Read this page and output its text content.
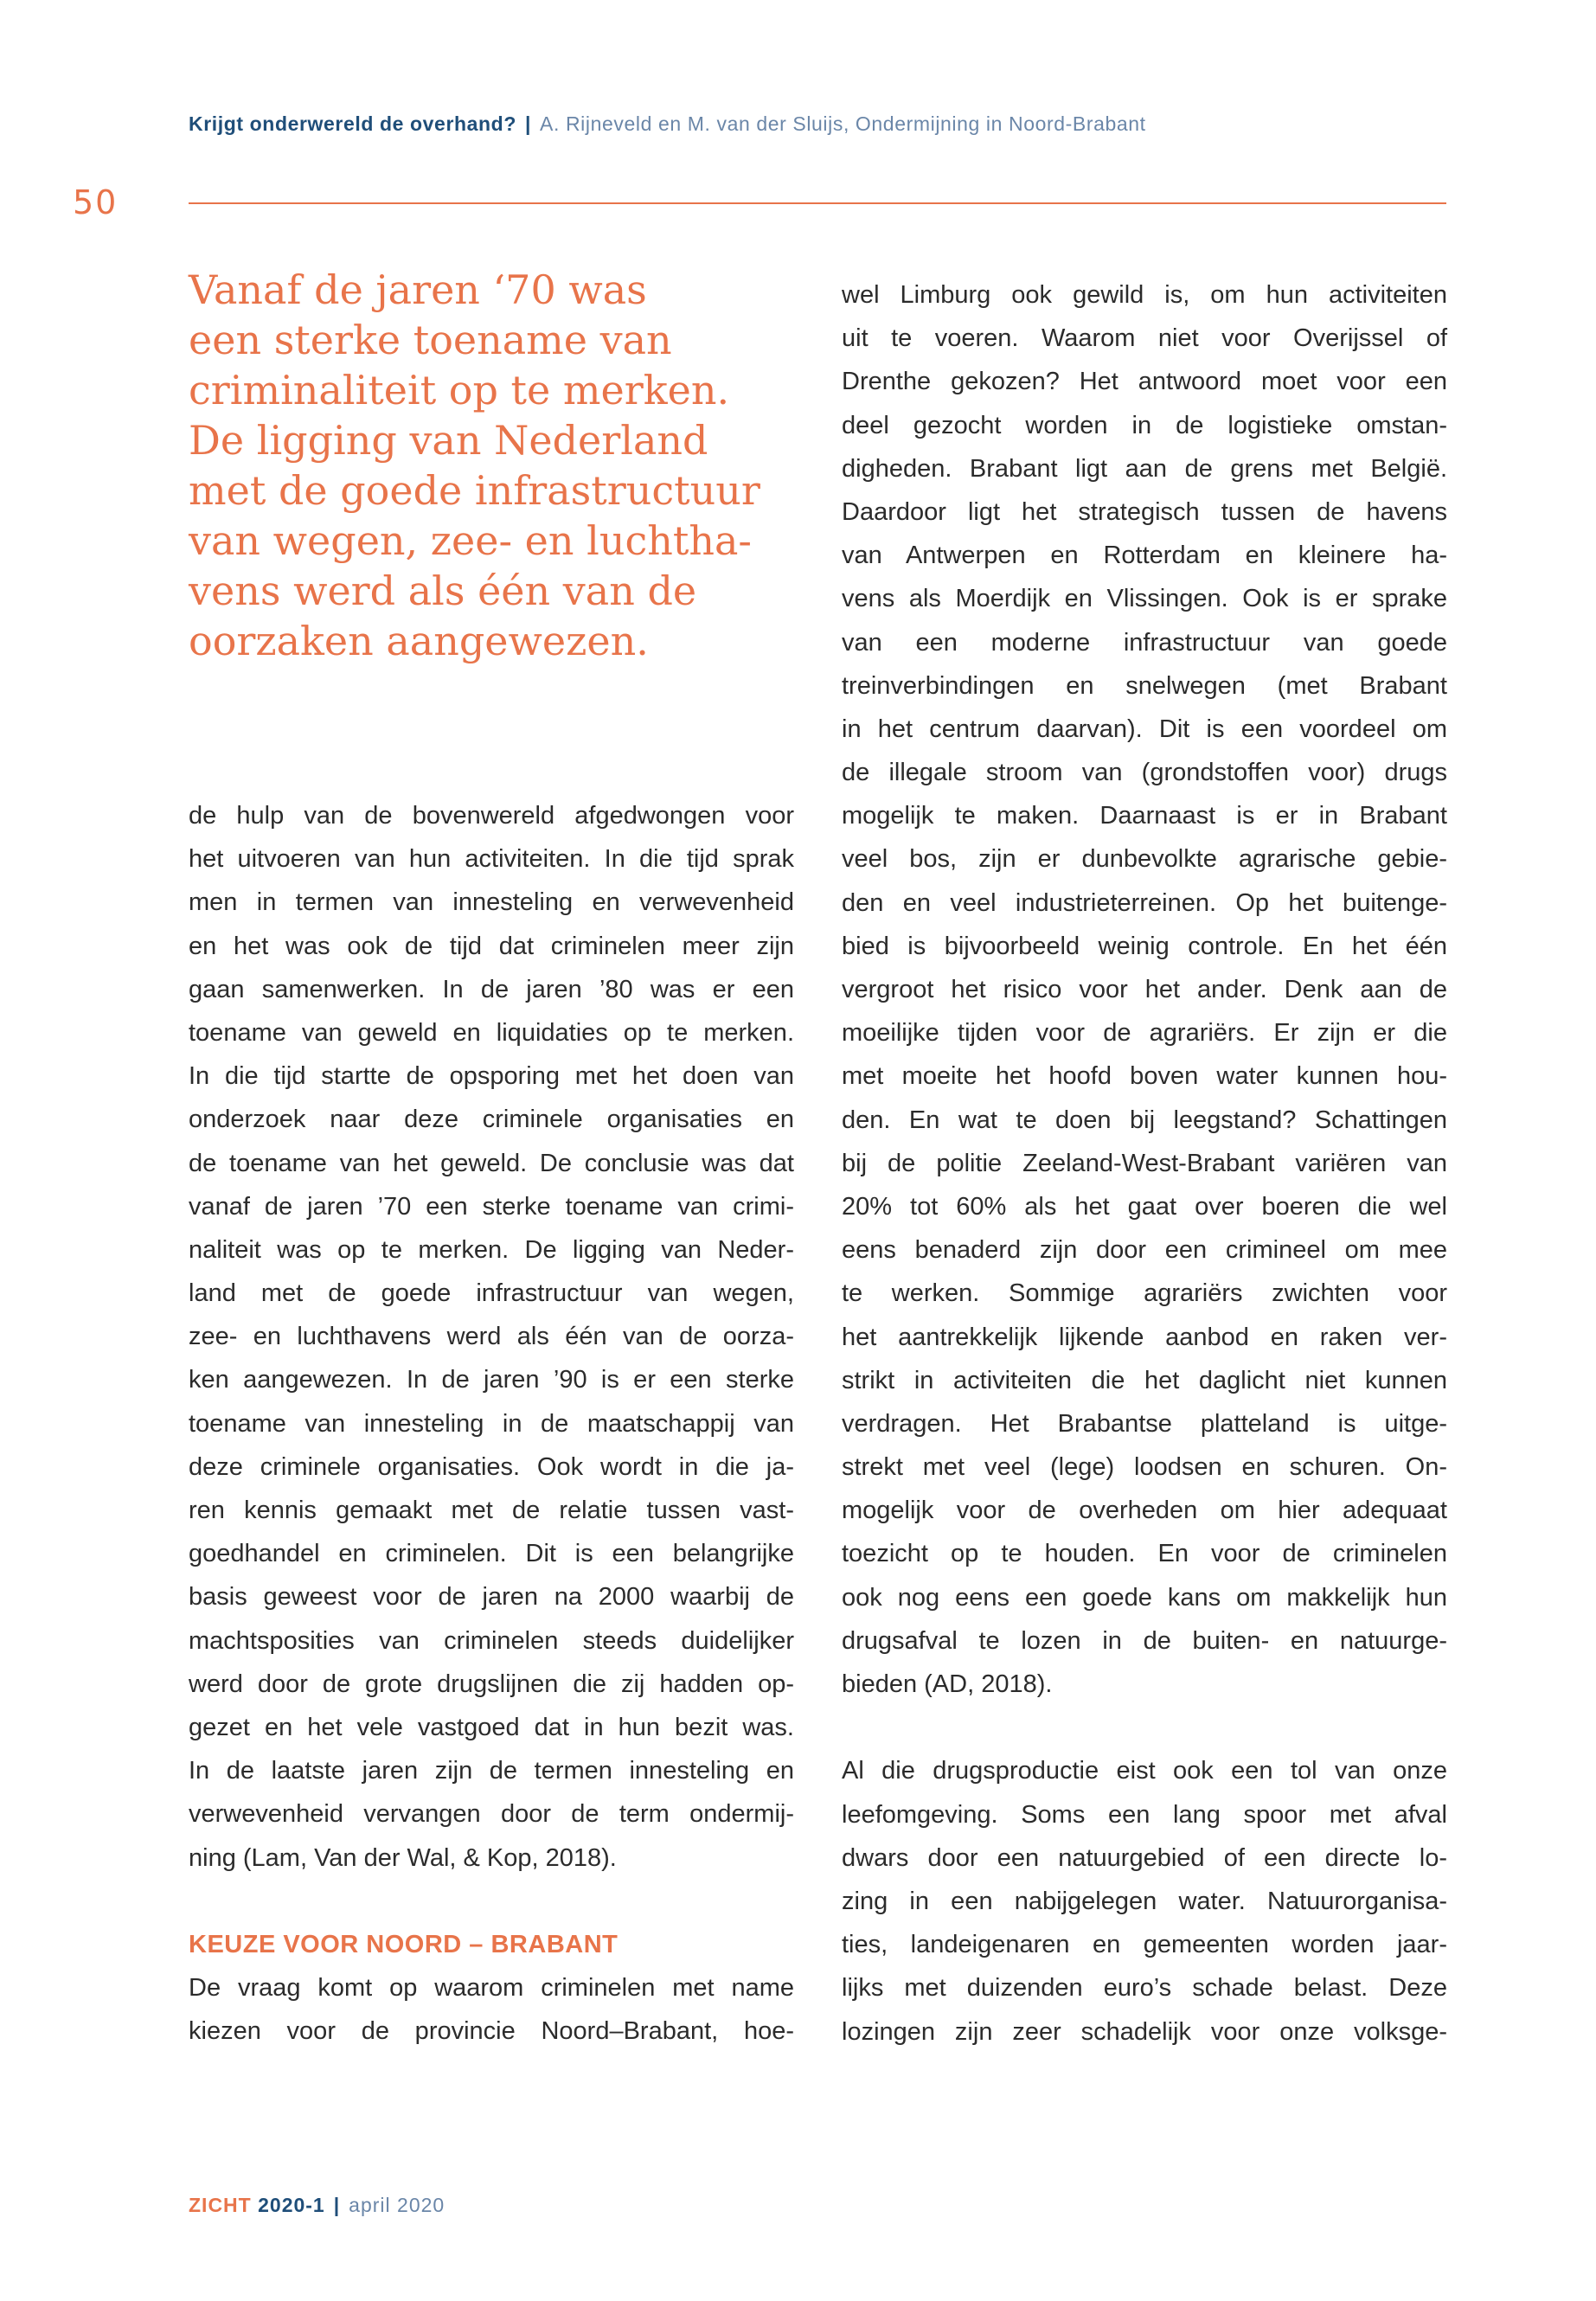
Krijgt onderwereld de overhand? | A. Rijneveld en M. van der Sluijs, Ondermijning in Noord-Brabant
50
Vanaf de jaren ‘70 was
een sterke toename van
criminaliteit op te merken.
De ligging van Nederland
met de goede infrastructuur
van wegen, zee- en luchtha-
vens werd als één van de
oorzaken aangewezen.
de hulp van de bovenwereld afgedwongen voor
het uitvoeren van hun activiteiten. In die tijd sprak
men in termen van innesteling en verwevenheid
en het was ook de tijd dat criminelen meer zijn
gaan samenwerken. In de jaren ’80 was er een
toename van geweld en liquidaties op te merken.
In die tijd startte de opsporing met het doen van
onderzoek naar deze criminele organisaties en
de toename van het geweld. De conclusie was dat
vanaf de jaren ’70 een sterke toename van crimi-
naliteit was op te merken. De ligging van Neder-
land met de goede infrastructuur van wegen,
zee- en luchthavens werd als één van de oorza-
ken aangewezen. In de jaren ’90 is er een sterke
toename van innesteling in de maatschappij van
deze criminele organisaties. Ook wordt in die ja-
ren kennis gemaakt met de relatie tussen vast-
goedhandel en criminelen. Dit is een belangrijke
basis geweest voor de jaren na 2000 waarbij de
machtsposities van criminelen steeds duidelijker
werd door de grote drugslijnen die zij hadden op-
gezet en het vele vastgoed dat in hun bezit was.
In de laatste jaren zijn de termen innesteling en
verwevenheid vervangen door de term ondermij-
ning (Lam, Van der Wal, & Kop, 2018).
KEUZE VOOR NOORD – BRABANT
De vraag komt op waarom criminelen met name
kiezen voor de provincie Noord–Brabant, hoe-
wel Limburg ook gewild is, om hun activiteiten
uit te voeren. Waarom niet voor Overijssel of
Drenthe gekozen? Het antwoord moet voor een
deel gezocht worden in de logistieke omstan-
digheden. Brabant ligt aan de grens met België.
Daardoor ligt het strategisch tussen de havens
van Antwerpen en Rotterdam en kleinere ha-
vens als Moerdijk en Vlissingen. Ook is er sprake
van een moderne infrastructuur van goede
treinverbindingen en snelwegen (met Brabant
in het centrum daarvan). Dit is een voordeel om
de illegale stroom van (grondstoffen voor) drugs
mogelijk te maken. Daarnaast is er in Brabant
veel bos, zijn er dunbevolkte agrarische gebie-
den en veel industrieterreinen. Op het buitenge-
bied is bijvoorbeeld weinig controle. En het één
vergroot het risico voor het ander. Denk aan de
moeilijke tijden voor de agrariërs. Er zijn er die
met moeite het hoofd boven water kunnen hou-
den. En wat te doen bij leegstand? Schattingen
bij de politie Zeeland-West-Brabant variëren van
20% tot 60% als het gaat over boeren die wel
eens benaderd zijn door een crimineel om mee
te werken. Sommige agrariërs zwichten voor
het aantrekkelijk lijkende aanbod en raken ver-
strikt in activiteiten die het daglicht niet kunnen
verdragen. Het Brabantse platteland is uitge-
strekt met veel (lege) loodsen en schuren. On-
mogelijk voor de overheden om hier adequaat
toezicht op te houden. En voor de criminelen
ook nog eens een goede kans om makkelijk hun
drugsafval te lozen in de buiten- en natuurge-
bieden (AD, 2018).
Al die drugsproductie eist ook een tol van onze
leefomgeving. Soms een lang spoor met afval
dwars door een natuurgebied of een directe lo-
zing in een nabijgelegen water. Natuurorganisa-
ties, landeigenaren en gemeenten worden jaar-
lijks met duizenden euro’s schade belast. Deze
lozingen zijn zeer schadelijk voor onze volksge-
ZICHT 2020-1 | april 2020
